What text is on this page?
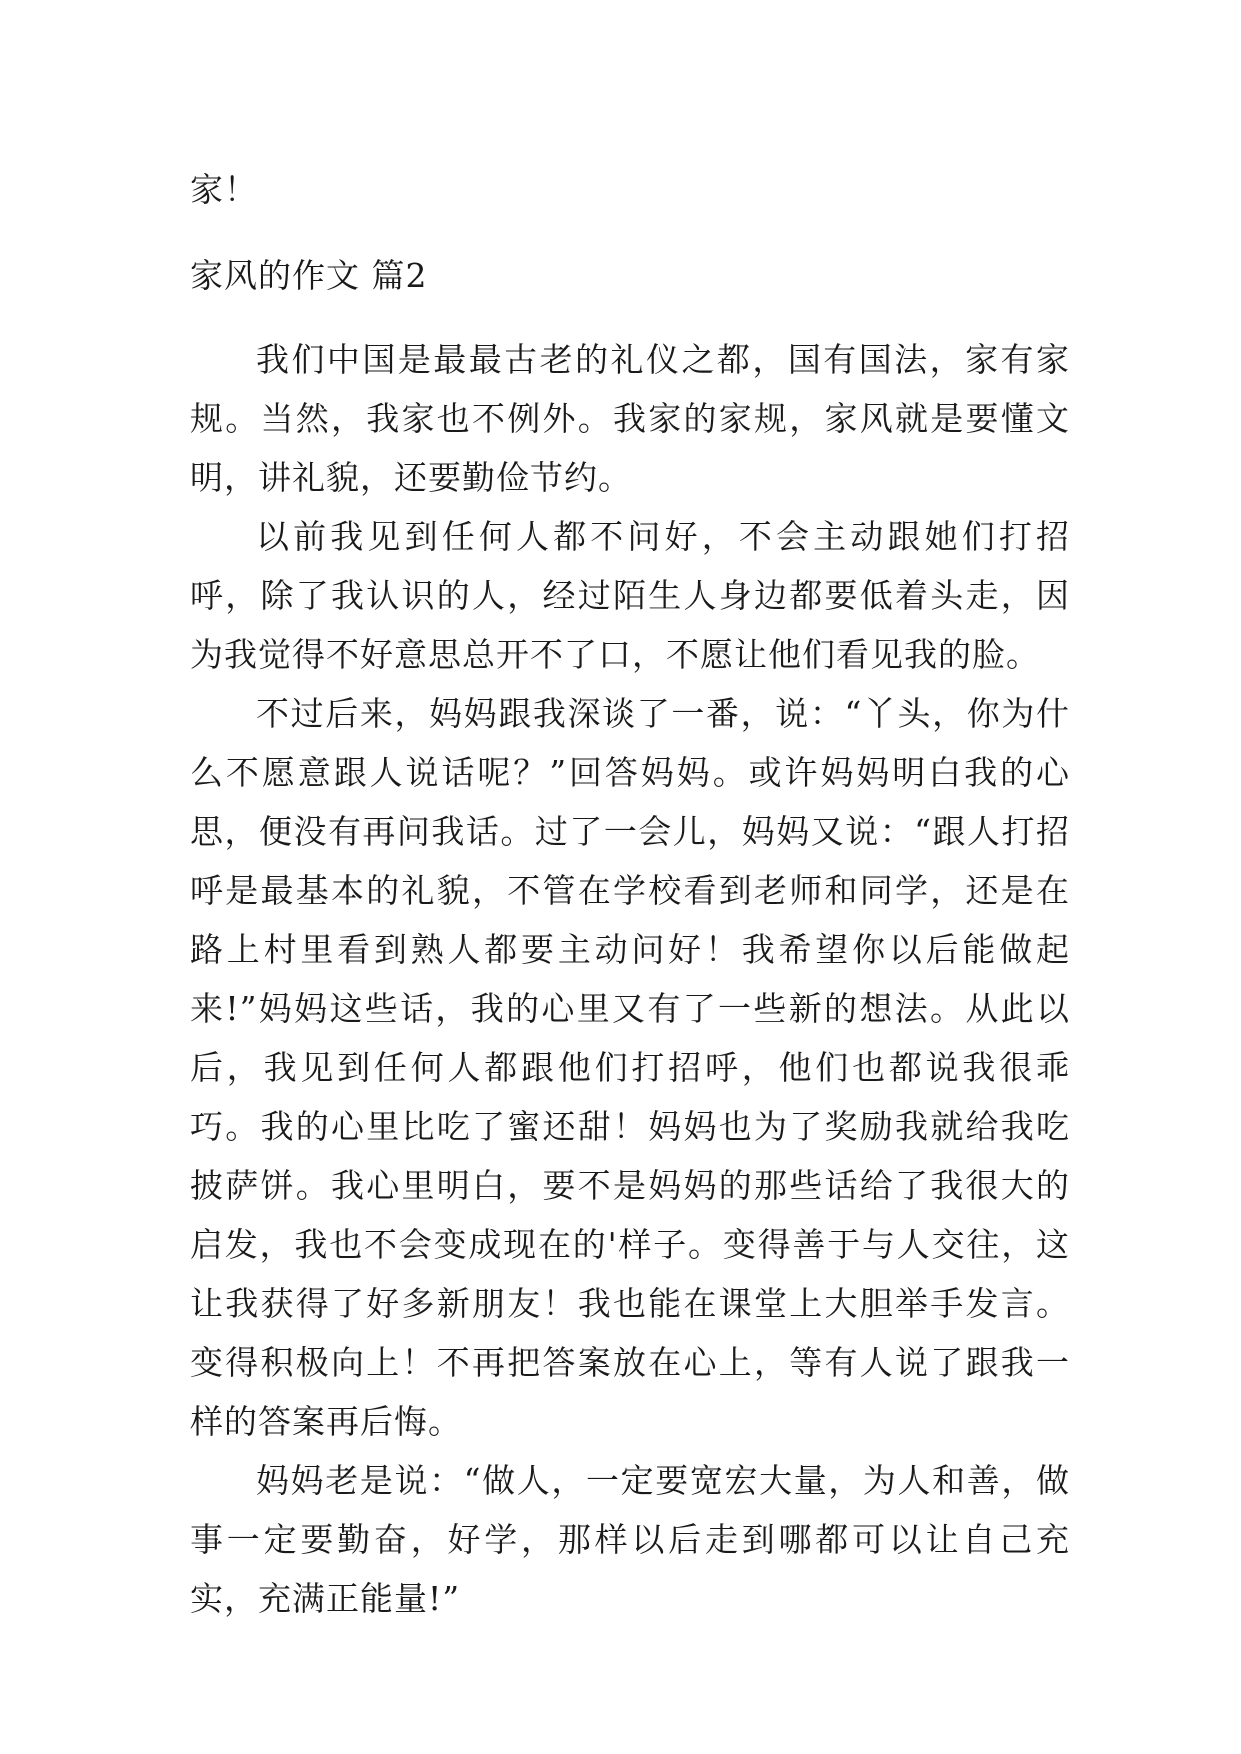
家！
家风的作文 篇2

我们中国是最最古老的礼仪之都，国有国法，家有家规。当然，我家也不例外。我家的家规，家风就是要懂文明，讲礼貌，还要勤俭节约。

以前我见到任何人都不问好，不会主动跟她们打招呼，除了我认识的人，经过陌生人身边都要低着头走，因为我觉得不好意思总开不了口，不愿让他们看见我的脸。

不过后来，妈妈跟我深谈了一番，说：“丫头，你为什么不愿意跟人说话呢？”回答妈妈。或许妈妈明白我的心思，便没有再问我话。过了一会儿，妈妈又说：“跟人打招呼是最基本的礼貌，不管在学校看到老师和同学，还是在路上村里看到熟人都要主动问好！我希望你以后能做起来!”妈妈这些话，我的心里又有了一些新的想法。从此以后，我见到任何人都跟他们打招呼，他们也都说我很乖巧。我的心里比吃了蜜还甜！妈妈也为了奖励我就给我吃披萨饼。我心里明白，要不是妈妈的那些话给了我很大的启发，我也不会变成现在的'样子。变得善于与人交往，这让我获得了好多新朋友！我也能在课堂上大胆举手发言。变得积极向上！不再把答案放在心上，等有人说了跟我一样的答案再后悔。

妈妈老是说：“做人，一定要宽宏大量，为人和善，做事一定要勤奋，好学，那样以后走到哪都可以让自己充实，充满正能量!”
